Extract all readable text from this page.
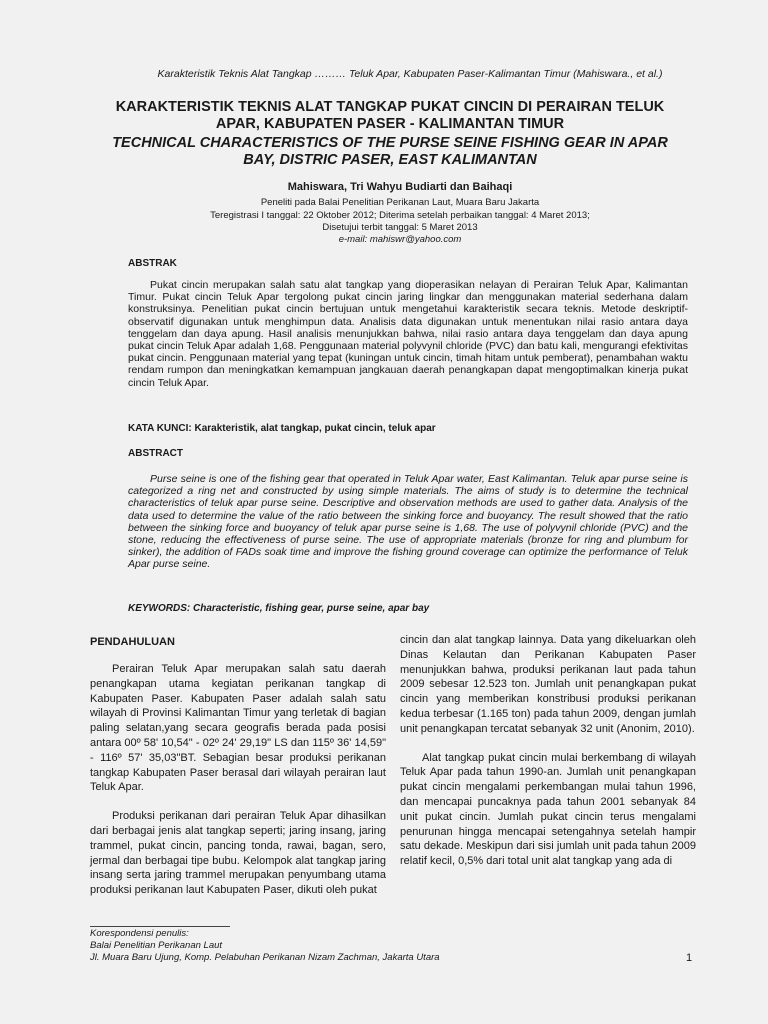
Karakteristik Teknis Alat Tangkap ……… Teluk Apar, Kabupaten Paser-Kalimantan Timur (Mahiswara., et al.)
KARAKTERISTIK TEKNIS ALAT TANGKAP PUKAT CINCIN DI PERAIRAN TELUK APAR, KABUPATEN PASER - KALIMANTAN TIMUR
TECHNICAL CHARACTERISTICS OF THE PURSE SEINE FISHING GEAR IN APAR BAY, DISTRIC PASER, EAST KALIMANTAN
Mahiswara, Tri Wahyu Budiarti dan Baihaqi
Peneliti pada Balai Penelitian Perikanan Laut, Muara Baru Jakarta
Teregistrasi I tanggal: 22 Oktober 2012; Diterima setelah perbaikan tanggal: 4 Maret 2013;
Disetujui terbit tanggal: 5 Maret 2013
e-mail: mahiswr@yahoo.com
ABSTRAK

Pukat cincin merupakan salah satu alat tangkap yang dioperasikan nelayan di Perairan Teluk Apar, Kalimantan Timur. Pukat cincin Teluk Apar tergolong pukat cincin jaring lingkar dan menggunakan material sederhana dalam konstruksinya. Penelitian pukat cincin bertujuan untuk mengetahui karakteristik secara teknis. Metode deskriptif-observatif digunakan untuk menghimpun data. Analisis data digunakan untuk menentukan nilai rasio antara daya tenggelam dan daya apung. Hasil analisis menunjukkan bahwa, nilai rasio antara daya tenggelam dan daya apung pukat cincin Teluk Apar adalah 1,68. Penggunaan material polyvynil chloride (PVC) dan batu kali, mengurangi efektivitas pukat cincin. Penggunaan material yang tepat (kuningan untuk cincin, timah hitam untuk pemberat), penambahan waktu rendam rumpon dan meningkatkan kemampuan jangkauan daerah penangkapan dapat mengoptimalkan kinerja pukat cincin Teluk Apar.

KATA KUNCI: Karakteristik, alat tangkap, pukat cincin, teluk apar
ABSTRACT

Purse seine is one of the fishing gear that operated in Teluk Apar water, East Kalimantan. Teluk apar purse seine is categorized a ring net and constructed by using simple materials. The aims of study is to determine the technical characteristics of teluk apar purse seine. Descriptive and observation methods are used to gather data. Analysis of the data used to determine the value of the ratio between the sinking force and buoyancy. The result showed that the ratio between the sinking force and buoyancy of teluk apar purse seine is 1,68. The use of polyvynil chloride (PVC) and the stone, reducing the effectiveness of purse seine. The use of appropriate materials (bronze for ring and plumbum for sinker), the addition of FADs soak time and improve the fishing ground coverage can optimize the performance of Teluk Apar purse seine.

KEYWORDS: Characteristic, fishing gear, purse seine, apar bay
PENDAHULUAN

Perairan Teluk Apar merupakan salah satu daerah penangkapan utama kegiatan perikanan tangkap di Kabupaten Paser. Kabupaten Paser adalah salah satu wilayah di Provinsi Kalimantan Timur yang terletak di bagian paling selatan,yang secara geografis berada pada posisi antara 00º 58' 10,54" - 02º 24' 29,19" LS dan 115º 36' 14,59" - 116º 57' 35,03"BT. Sebagian besar produksi perikanan tangkap Kabupaten Paser berasal dari wilayah perairan laut Teluk Apar.

Produksi perikanan dari perairan Teluk Apar dihasilkan dari berbagai jenis alat tangkap seperti; jaring insang, jaring trammel, pukat cincin, pancing tonda, rawai, bagan, sero, jermal dan berbagai tipe bubu. Kelompok alat tangkap jaring insang serta jaring trammel merupakan penyumbang utama produksi perikanan laut Kabupaten Paser, dikuti oleh pukat

cincin dan alat tangkap lainnya. Data yang dikeluarkan oleh Dinas Kelautan dan Perikanan Kabupaten Paser menunjukkan bahwa, produksi perikanan laut pada tahun 2009 sebesar 12.523 ton. Jumlah unit penangkapan pukat cincin yang memberikan konstribusi produksi perikanan kedua terbesar (1.165 ton) pada tahun 2009, dengan jumlah unit penangkapan tercatat sebanyak 32 unit (Anonim, 2010).

Alat tangkap pukat cincin mulai berkembang di wilayah Teluk Apar pada tahun 1990-an. Jumlah unit penangkapan pukat cincin mengalami perkembangan mulai tahun 1996, dan mencapai puncaknya pada tahun 2001 sebanyak 84 unit pukat cincin. Jumlah pukat cincin terus mengalami penurunan hingga mencapai setengahnya setelah hampir satu dekade. Meskipun dari sisi jumlah unit pada tahun 2009 relatif kecil, 0,5% dari total unit alat tangkap yang ada di

Korespondensi penulis:
Balai Penelitian Perikanan Laut
Jl. Muara Baru Ujung, Komp. Pelabuhan Perikanan Nizam Zachman, Jakarta Utara	1
